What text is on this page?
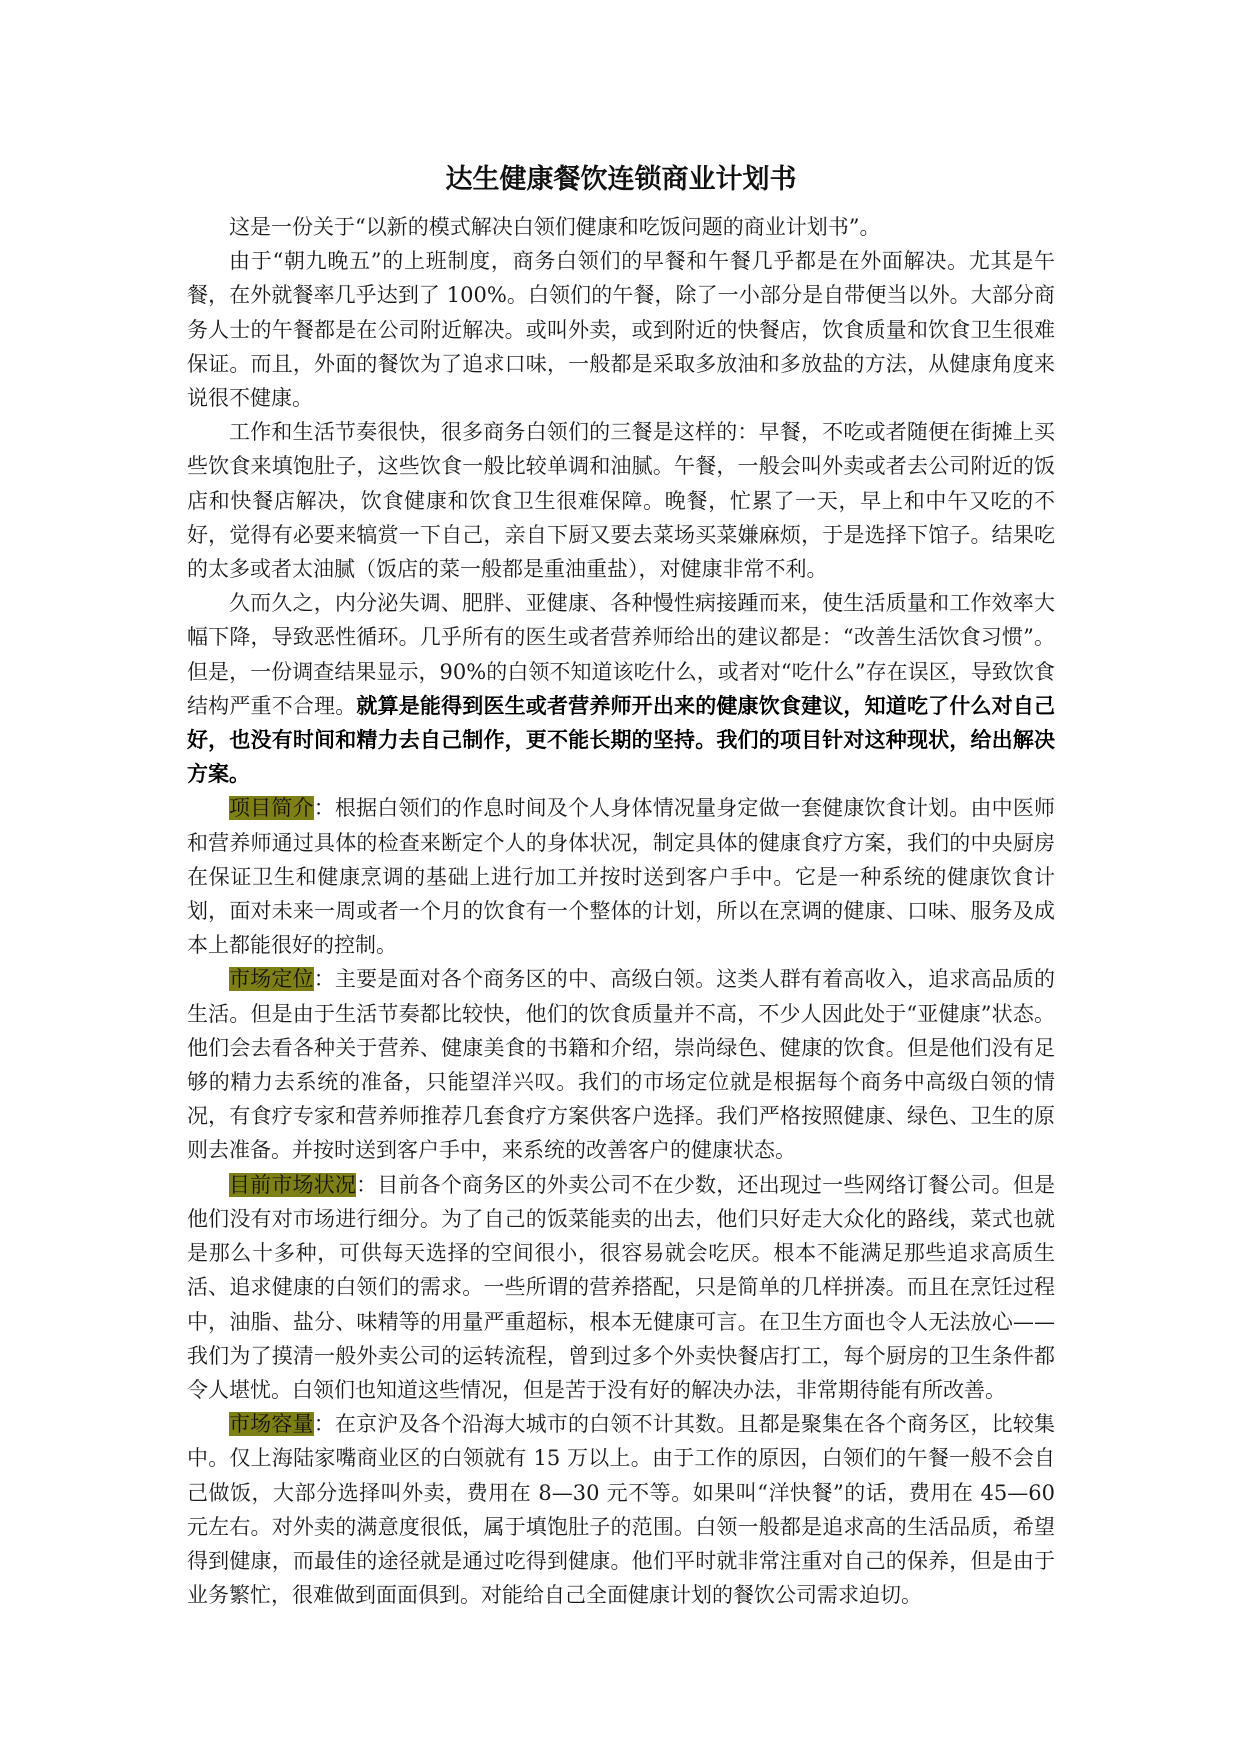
达生健康餐饮连锁商业计划书

这是一份关于“以新的模式解决白领们健康和吃饭问题的商业计划书”。

由于“朝九晚五”的上班制度，商务白领们的早餐和午餐几乎都是在外面解决。尤其是午餐，在外就餐率几乎达到了 100%。白领们的午餐，除了一小部分是自带便当以外。大部分商务人士的午餐都是在公司附近解决。或叫外卖，或到附近的快餐店，饮食质量和饮食卫生很难保证。而且，外面的餐饮为了追求口味，一般都是采取多放油和多放盐的方法，从健康角度来说很不健康。

工作和生活节奏很快，很多商务白领们的三餐是这样的：早餐，不吃或者随便在街摊上买些饮食来填饱肚子，这些饮食一般比较单调和油腻。午餐，一般会叫外卖或者去公司附近的饭店和快餐店解决，饮食健康和饮食卫生很难保障。晚餐，忙累了一天，早上和中午又吃的不好，觉得有必要来犒赏一下自己，亲自下厨又要去菜场买菜嫌麻烦，于是选择下馆子。结果吃的太多或者太油腻（饭店的菜一般都是重油重盐），对健康非常不利。

久而久之，内分泌失调、肥胖、亚健康、各种慢性病接踵而来，使生活质量和工作效率大幅下降，导致恶性循环。几乎所有的医生或者营养师给出的建议都是：“改善生活饮食习惯”。但是，一份调查结果显示，90%的白领不知道该吃什么，或者对“吃什么”存在误区，导致饮食结构严重不合理。就算是能得到医生或者营养师开出来的健康饮食建议，知道吃了什么对自己好，也没有时间和精力去自己制作，更不能长期的坚持。我们的项目针对这种现状，给出解决方案。

项目简介：根据白领们的作息时间及个人身体情况量身定做一套健康饮食计划。由中医师和营养师通过具体的检查来断定个人的身体状况，制定具体的健康食疗方案，我们的中央厨房在保证卫生和健康烹调的基础上进行加工并按时送到客户手中。它是一种系统的健康饮食计划，面对未来一周或者一个月的饮食有一个整体的计划，所以在烹调的健康、口味、服务及成本上都能很好的控制。

市场定位：主要是面对各个商务区的中、高级白领。这类人群有着高收入，追求高品质的生活。但是由于生活节奏都比较快，他们的饮食质量并不高，不少人因此处于“亚健康”状态。他们会去看各种关于营养、健康美食的书籍和介绍，崇尚绿色、健康的饮食。但是他们没有足够的精力去系统的准备，只能望洋兴叹。我们的市场定位就是根据每个商务中高级白领的情况，有食疗专家和营养师推荐几套食疗方案供客户选择。我们严格按照健康、绿色、卫生的原则去准备。并按时送到客户手中，来系统的改善客户的健康状态。

目前市场状况：目前各个商务区的外卖公司不在少数，还出现过一些网络订餐公司。但是他们没有对市场进行细分。为了自己的饭菜能卖的出去，他们只好走大众化的路线，菜式也就是那么十多种，可供每天选择的空间很小，很容易就会吃厌。根本不能满足那些追求高质生活、追求健康的白领们的需求。一些所谓的营养搭配，只是简单的几样拼凑。而且在烹饪过程中，油脂、盐分、味精等的用量严重超标，根本无健康可言。在卫生方面也令人无法放心——我们为了摸清一般外卖公司的运转流程，曾到过多个外卖快餐店打工，每个厨房的卫生条件都令人堪忧。白领们也知道这些情况，但是苦于没有好的解决办法，非常期待能有所改善。

市场容量：在京沪及各个沿海大城市的白领不计其数。且都是聚集在各个商务区，比较集中。仅上海陆家嘴商业区的白领就有 15 万以上。由于工作的原因，白领们的午餐一般不会自己做饭，大部分选择叫外卖，费用在 8—30 元不等。如果叫“洋快餐”的话，费用在 45—60 元左右。对外卖的满意度很低，属于填饱肚子的范围。白领一般都是追求高的生活品质，希望得到健康，而最佳的途径就是通过吃得到健康。他们平时就非常注重对自己的保养，但是由于业务繁忙，很难做到面面俱到。对能给自己全面健康计划的餐饮公司需求迫切。
